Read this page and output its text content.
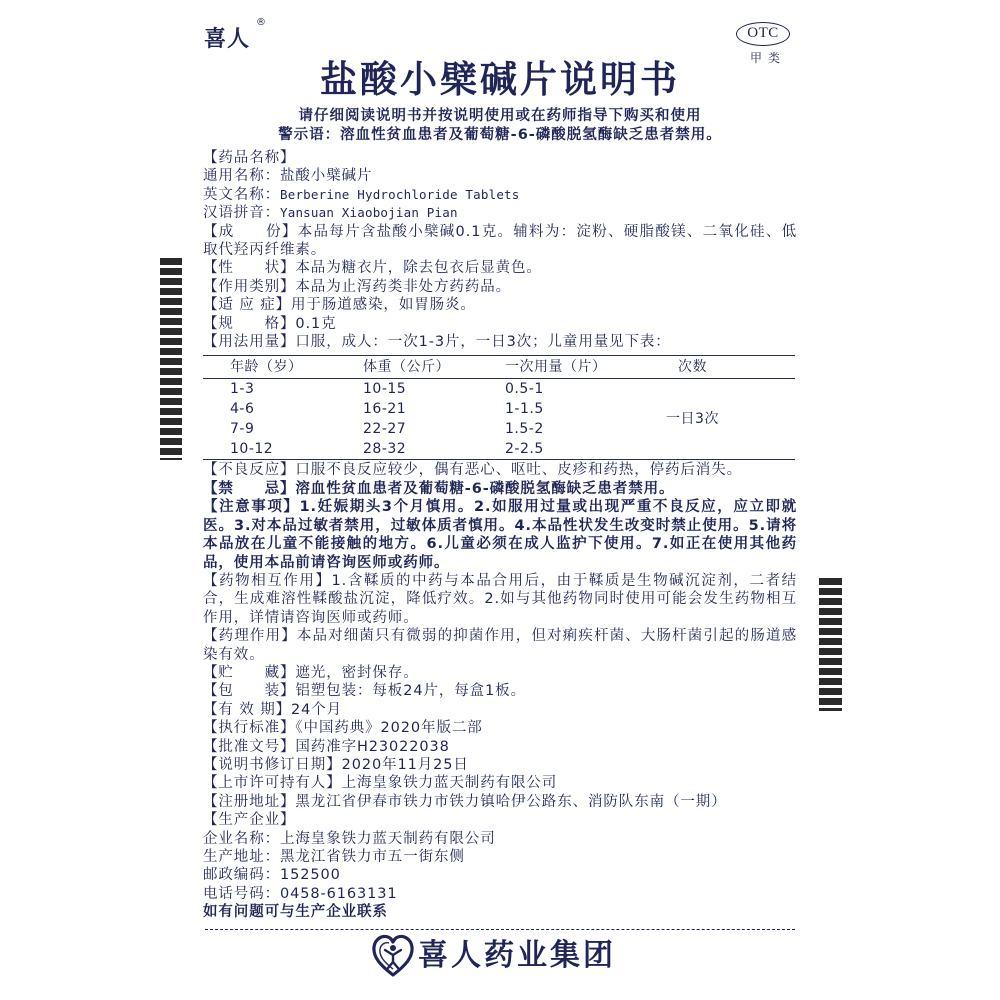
喜人
®
OTC
甲类
盐酸小檗碱片说明书
请仔细阅读说明书并按说明使用或在药师指导下购买和使用
警示语：溶血性贫血患者及葡萄糖-6-磷酸脱氢酶缺乏患者禁用。
【药品名称】
通用名称：盐酸小檗碱片
英文名称：Berberine Hydrochloride Tablets
汉语拼音：Yansuan Xiaobojian Pian
【成　　份】本品每片含盐酸小檗碱0.1克。辅料为：淀粉、硬脂酸镁、二氧化硅、低取代羟丙纤维素。
【性　　状】本品为糖衣片，除去包衣后显黄色。
【作用类别】本品为止泻药类非处方药药品。
【适 应 症】用于肠道感染，如胃肠炎。
【规　　格】0.1克
【用法用量】口服，成人：一次1-3片，一日3次；儿童用量见下表：
年龄（岁）	体重（公斤）	一次用量（片）	次数
1-3	10-15	0.5-1	一日3次
4-6	16-21	1-1.5	
7-9	22-27	1.5-2	
10-12	28-32	2-2.5	
【不良反应】口服不良反应较少，偶有恶心、呕吐、皮疹和药热，停药后消失。
【禁　　忌】溶血性贫血患者及葡萄糖-6-磷酸脱氢酶缺乏患者禁用。
【注意事项】1.妊娠期头3个月慎用。2.如服用过量或出现严重不良反应，应立即就医。3.对本品过敏者禁用，过敏体质者慎用。4.本品性状发生改变时禁止使用。5.请将本品放在儿童不能接触的地方。6.儿童必须在成人监护下使用。7.如正在使用其他药品，使用本品前请咨询医师或药师。
【药物相互作用】1.含鞣质的中药与本品合用后，由于鞣质是生物碱沉淀剂，二者结合，生成难溶性鞣酸盐沉淀，降低疗效。2.如与其他药物同时使用可能会发生药物相互作用，详情请咨询医师或药师。
【药理作用】本品对细菌只有微弱的抑菌作用，但对痢疾杆菌、大肠杆菌引起的肠道感染有效。
【贮　　藏】遮光，密封保存。
【包　　装】铝塑包装：每板24片，每盒1板。
【有 效 期】24个月
【执行标准】《中国药典》2020年版二部
【批准文号】国药准字H23022038
【说明书修订日期】2020年11月25日
【上市许可持有人】上海皇象铁力蓝天制药有限公司
【注册地址】黑龙江省伊春市铁力市铁力镇哈伊公路东、消防队东南（一期）
【生产企业】
企业名称：上海皇象铁力蓝天制药有限公司
生产地址：黑龙江省铁力市五一街东侧
邮政编码：152500
电话号码：0458-6163131
如有问题可与生产企业联系
喜人药业集团
